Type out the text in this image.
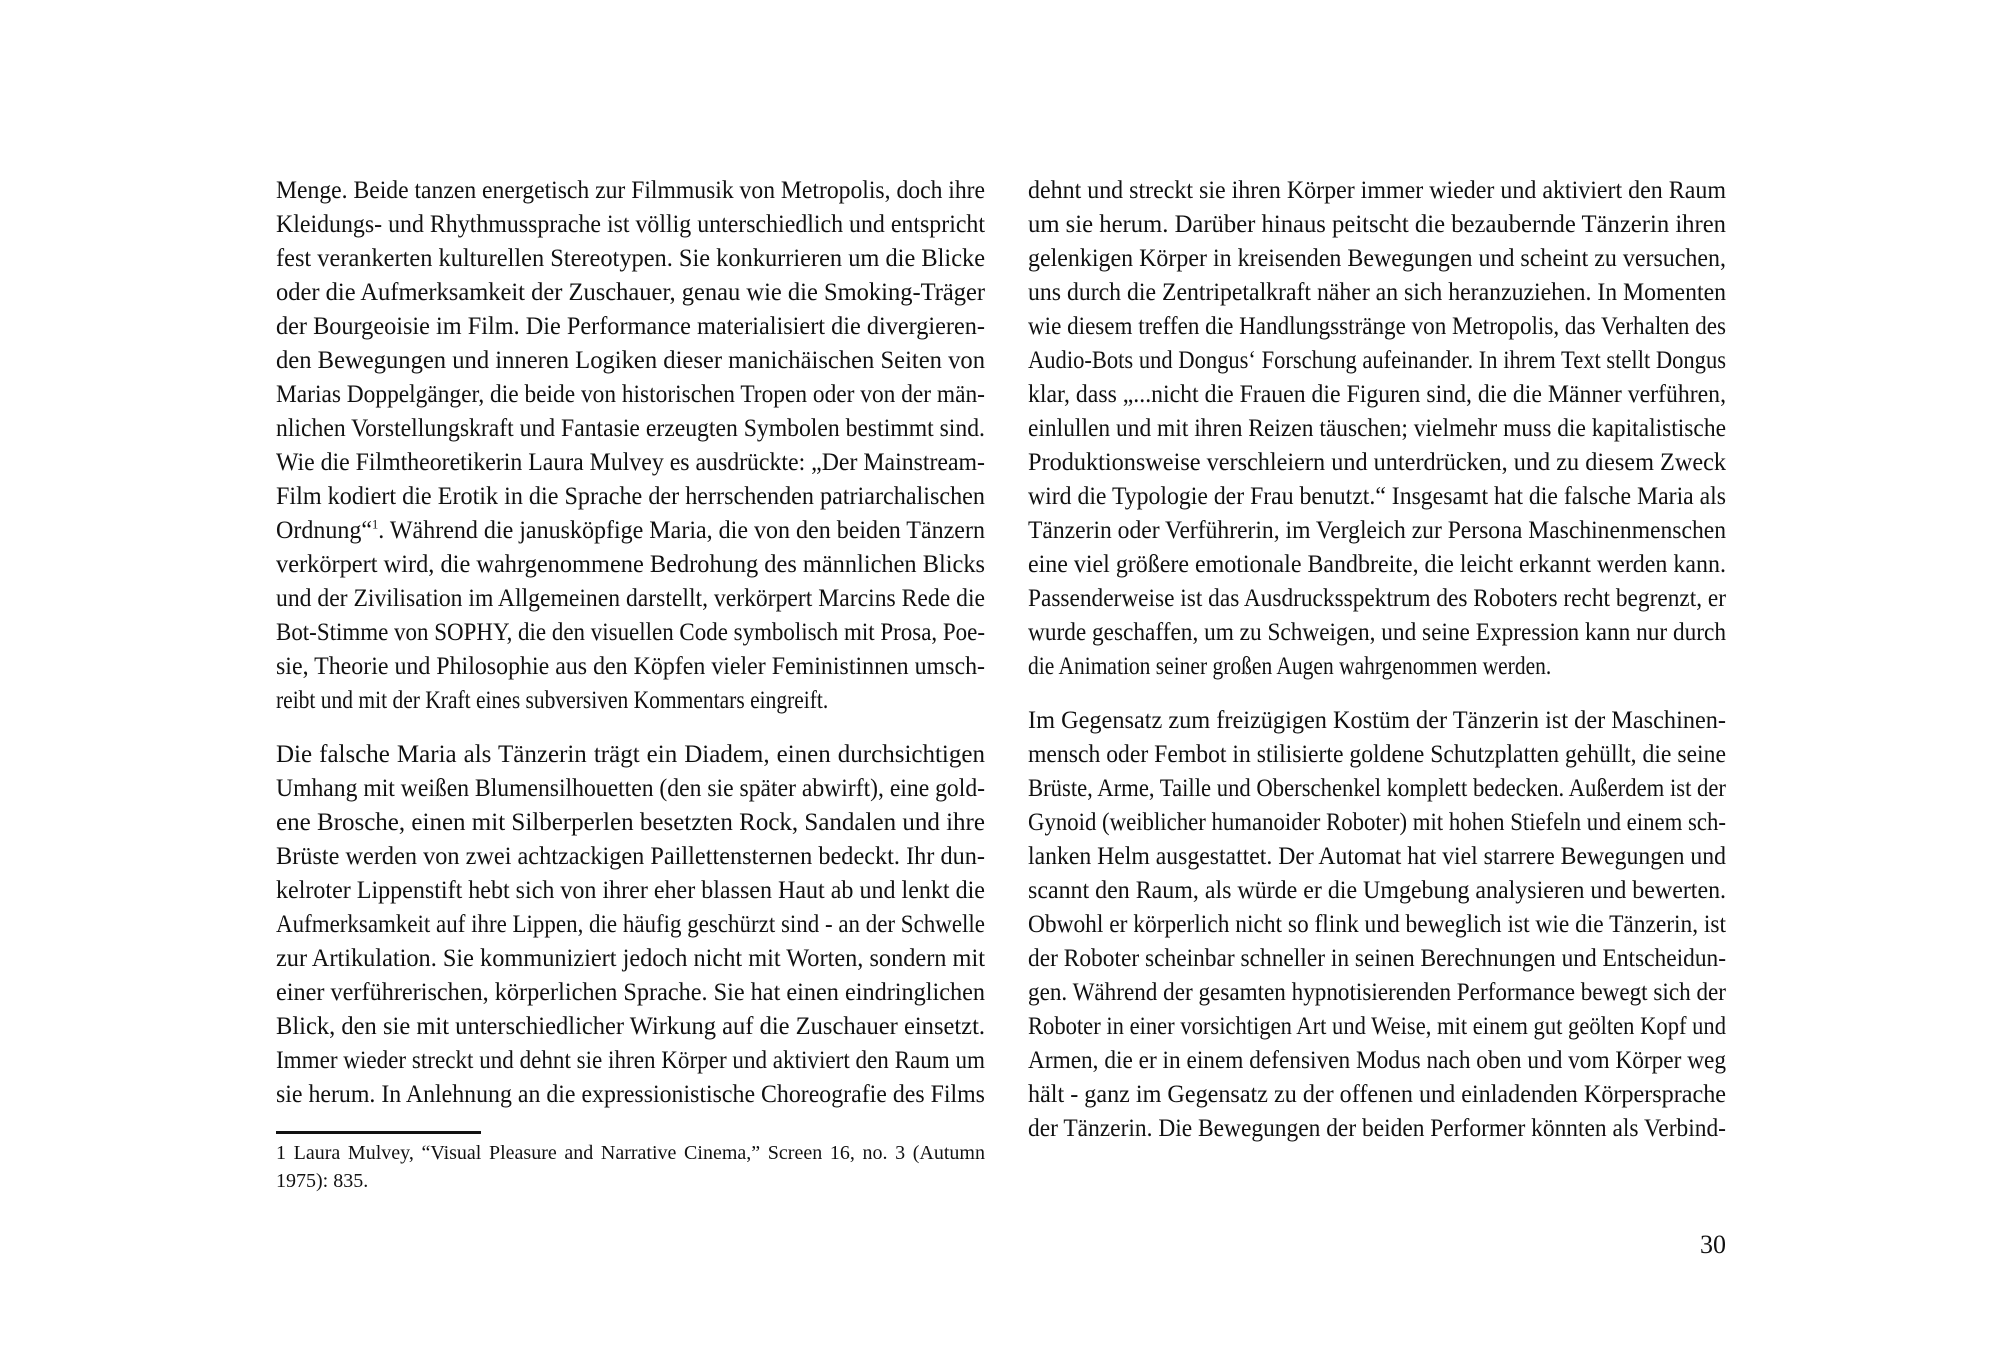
Menge. Beide tanzen energetisch zur Filmmusik von Metropolis, doch ihre
Kleidungs- und Rhythmussprache ist völlig unterschiedlich und entspricht
fest verankerten kulturellen Stereotypen. Sie konkurrieren um die Blicke
oder die Aufmerksamkeit der Zuschauer, genau wie die Smoking-Träger
der Bourgeoisie im Film. Die Performance materialisiert die divergieren-
den Bewegungen und inneren Logiken dieser manichäischen Seiten von
Marias Doppelgänger, die beide von historischen Tropen oder von der män-
nlichen Vorstellungskraft und Fantasie erzeugten Symbolen bestimmt sind.
Wie die Filmtheoretikerin Laura Mulvey es ausdrückte: „Der Mainstream-
Film kodiert die Erotik in die Sprache der herrschenden patriarchalischen
Ordnung“$^1$. Während die janusköpfige Maria, die von den beiden Tänzern
verkörpert wird, die wahrgenommene Bedrohung des männlichen Blicks
und der Zivilisation im Allgemeinen darstellt, verkörpert Marcins Rede die
Bot-Stimme von SOPHY, die den visuellen Code symbolisch mit Prosa, Poe-
sie, Theorie und Philosophie aus den Köpfen vieler Feministinnen umsch-
reibt und mit der Kraft eines subversiven Kommentars eingreift.
Die falsche Maria als Tänzerin trägt ein Diadem, einen durchsichtigen
Umhang mit weißen Blumensilhouetten (den sie später abwirft), eine gold-
ene Brosche, einen mit Silberperlen besetzten Rock, Sandalen und ihre
Brüste werden von zwei achtzackigen Paillettensternen bedeckt. Ihr dun-
kelroter Lippenstift hebt sich von ihrer eher blassen Haut ab und lenkt die
Aufmerksamkeit auf ihre Lippen, die häufig geschürzt sind - an der Schwelle
zur Artikulation. Sie kommuniziert jedoch nicht mit Worten, sondern mit
einer verführerischen, körperlichen Sprache. Sie hat einen eindringlichen
Blick, den sie mit unterschiedlicher Wirkung auf die Zuschauer einsetzt.
Immer wieder streckt und dehnt sie ihren Körper und aktiviert den Raum um
sie herum. In Anlehnung an die expressionistische Choreografie des Films
dehnt und streckt sie ihren Körper immer wieder und aktiviert den Raum
um sie herum. Darüber hinaus peitscht die bezaubernde Tänzerin ihren
gelenkigen Körper in kreisenden Bewegungen und scheint zu versuchen,
uns durch die Zentripetalkraft näher an sich heranzuziehen. In Momenten
wie diesem treffen die Handlungsstränge von Metropolis, das Verhalten des
Audio-Bots und Dongus‘ Forschung aufeinander. In ihrem Text stellt Dongus
klar, dass „...nicht die Frauen die Figuren sind, die die Männer verführen,
einlullen und mit ihren Reizen täuschen; vielmehr muss die kapitalistische
Produktionsweise verschleiern und unterdrücken, und zu diesem Zweck
wird die Typologie der Frau benutzt.“ Insgesamt hat die falsche Maria als
Tänzerin oder Verführerin, im Vergleich zur Persona Maschinenmenschen
eine viel größere emotionale Bandbreite, die leicht erkannt werden kann.
Passenderweise ist das Ausdrucksspektrum des Roboters recht begrenzt, er
wurde geschaffen, um zu Schweigen, und seine Expression kann nur durch
die Animation seiner großen Augen wahrgenommen werden.
Im Gegensatz zum freizügigen Kostüm der Tänzerin ist der Maschinen-
mensch oder Fembot in stilisierte goldene Schutzplatten gehüllt, die seine
Brüste, Arme, Taille und Oberschenkel komplett bedecken. Außerdem ist der
Gynoid (weiblicher humanoider Roboter) mit hohen Stiefeln und einem sch-
lanken Helm ausgestattet. Der Automat hat viel starrere Bewegungen und
scannt den Raum, als würde er die Umgebung analysieren und bewerten.
Obwohl er körperlich nicht so flink und beweglich ist wie die Tänzerin, ist
der Roboter scheinbar schneller in seinen Berechnungen und Entscheidun-
gen. Während der gesamten hypnotisierenden Performance bewegt sich der
Roboter in einer vorsichtigen Art und Weise, mit einem gut geölten Kopf und
Armen, die er in einem defensiven Modus nach oben und vom Körper weg
hält - ganz im Gegensatz zu der offenen und einladenden Körpersprache
der Tänzerin. Die Bewegungen der beiden Performer könnten als Verbind-
1 Laura Mulvey, “Visual Pleasure and Narrative Cinema,” Screen 16, no. 3 (Autumn
1975): 835.
30
